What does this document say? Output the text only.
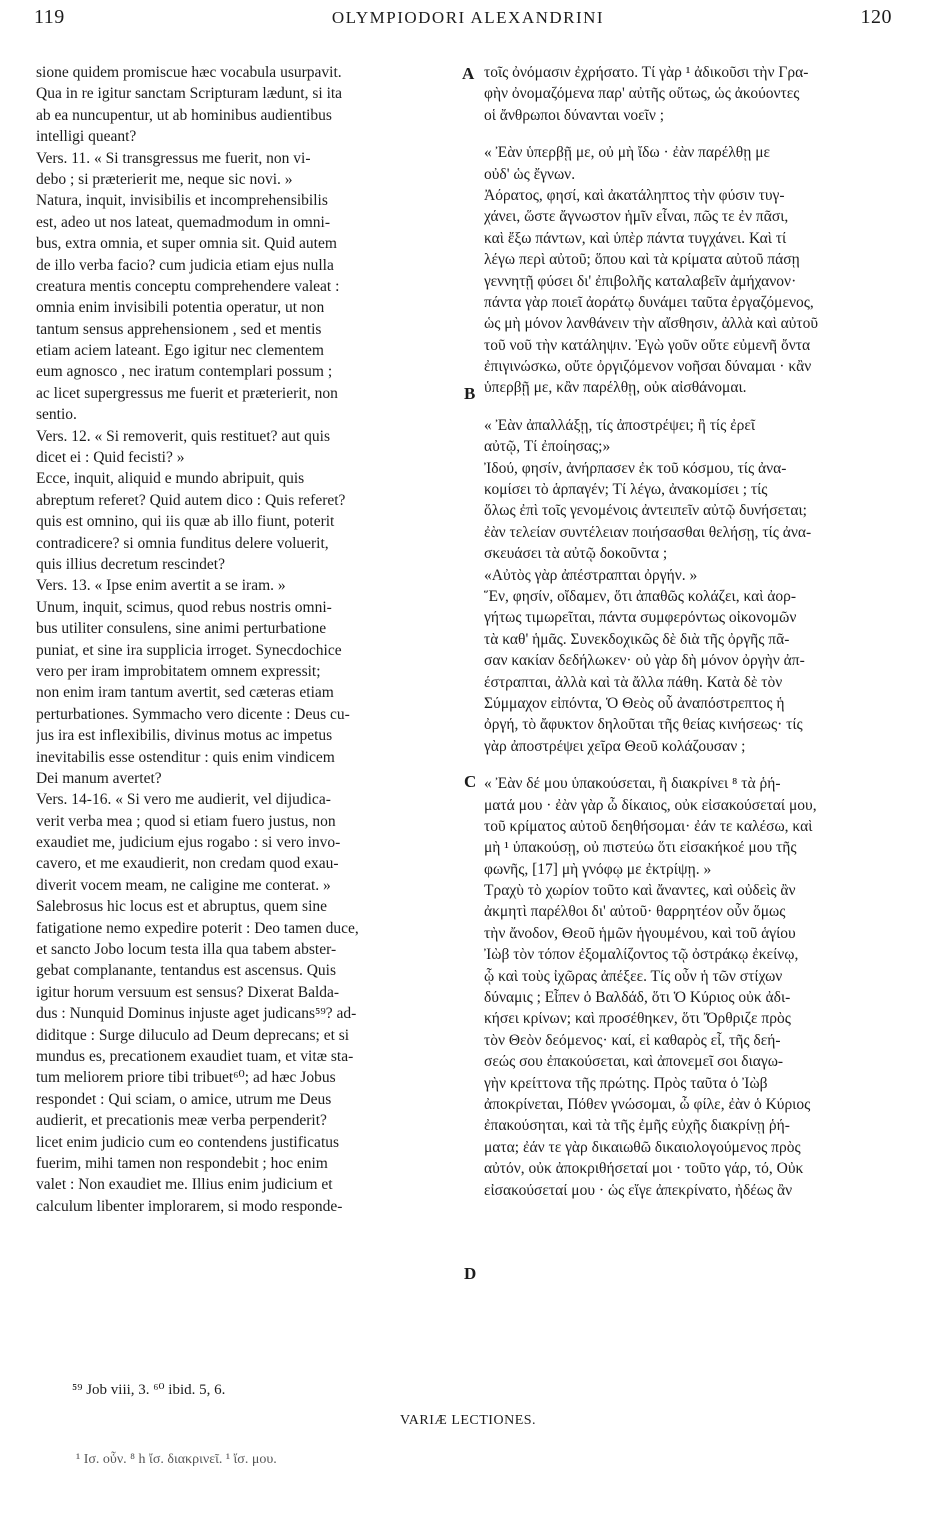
119	OLYMPIODORI ALEXANDRINI	120
sione quidem promiscue hæc vocabula usurpavit.
Qua in re igitur sanctam Scripturam lædunt, si ita
ab ea nuncupentur, ut ab hominibus audientibus
intelligi queant?
Vers. 11. « Si transgressus me fuerit, non vi-
debo ; si præterierit me, neque sic novi. »
Natura, inquit, invisibilis et incomprehensibilis
est, adeo ut nos lateat, quemadmodum in omni-
bus, extra omnia, et super omnia sit. Quid autem
de illo verba facio? cum judicia etiam ejus nulla
creatura mentis conceptu comprehendere valeat :
omnia enim invisibili potentia operatur, ut non
tantum sensus apprehensionem , sed et mentis
etiam aciem lateant. Ego igitur nec clementem
eum agnosco , nec iratum contemplari possum ;
ac licet supergressus me fuerit et præterierit, non
sentio.
Vers. 12. « Si removerit, quis restituet? aut quis
dicet ei : Quid fecisti? »
Ecce, inquit, aliquid e mundo abripuit, quis
abreptum referet? Quid autem dico : Quis referet?
quis est omnino, qui iis quæ ab illo fiunt, poterit
contradicere? si omnia funditus delere voluerit,
quis illius decretum rescindet?
Vers. 13. « Ipse enim avertit a se iram. »
Unum, inquit, scimus, quod rebus nostris omni-
bus utiliter consulens, sine animi perturbatione
puniat, et sine ira supplicia irroget. Synecdochice
vero per iram improbitatem omnem expressit;
non enim iram tantum avertit, sed cæteras etiam
perturbationes. Symmacho vero dicente : Deus cu-
jus ira est inflexibilis, divinus motus ac impetus
inevitabilis esse ostenditur : quis enim vindicem
Dei manum avertet?
Vers. 14-16. « Si vero me audierit, vel dijudica-
verit verba mea ; quod si etiam fuero justus, non
exaudiet me, judicium ejus rogabo : si vero invo-
cavero, et me exaudierit, non credam quod exau-
diverit vocem meam, ne caligine me conterat. »
Salebrosus hic locus est et abruptus, quem sine
fatigatione nemo expedire poterit : Deo tamen duce,
et sancto Jobo locum testa illa qua tabem abster-
gebat complanante, tentandus est ascensus. Quis
igitur horum versuum est sensus? Dixerat Balda-
dus : Nunquid Dominus injuste aget judicans⁵⁹? ad-
diditque : Surge diluculo ad Deum deprecans; et si
mundus es, precationem exaudiet tuam, et vitæ sta-
tum meliorem priore tibi tribuet⁶⁰; ad hæc Jobus
respondet : Qui sciam, o amice, utrum me Deus
audierit, et precationis meæ verba perpenderit?
licet enim judicio cum eo contendens justificatus
fuerim, mihi tamen non respondebit ; hoc enim
valet : Non exaudiet me. Illius enim judicium et
calculum libenter implorarem, si modo responde-
τοῖς ὀνόμασιν ἐχρήσατο. Τί γὰρ ¹ ἀδικοῦσι τὴν Γρα-
φὴν ὀνομαζόμενα παρ' αὐτῆς οὕτως, ὡς ἀκούοντες
οἱ ἄνθρωποι δύνανται νοεῖν ;
« Ἐὰν ὑπερβῇ με, οὐ μὴ ἴδω · ἐὰν παρέλθῃ με
οὐδ' ὡς ἔγνων.
Ἀόρατος, φησί, καὶ ἀκατάληπτος τὴν φύσιν τυγ-
χάνει, ὥστε ἄγνωστον ἡμῖν εἶναι, πῶς τε ἐν πᾶσι,
καὶ ἔξω πάντων, καὶ ὑπὲρ πάντα τυγχάνει. Καὶ τί
λέγω περὶ αὐτοῦ; ὅπου καὶ τὰ κρίματα αὐτοῦ πάσῃ
γεννητῇ φύσει δι' ἐπιβολῆς καταλαβεῖν ἀμήχανον·
πάντα γὰρ ποιεῖ ἀοράτῳ δυνάμει ταῦτα ἐργαζόμενος,
ὡς μὴ μόνον λανθάνειν τὴν αἴσθησιν, ἀλλὰ καὶ αὐτοῦ
τοῦ νοῦ τὴν κατάληψιν. Ἐγὼ γοῦν οὔτε εὐμενῆ ὄντα
ἐπιγινώσκω, οὔτε ὀργιζόμενον νοῆσαι δύναμαι · κἂν
ὑπερβῇ με, κἂν παρέλθῃ, οὐκ αἰσθάνομαι.
« Ἐὰν ἀπαλλάξῃ, τίς ἀποστρέψει; ἢ τίς ἐρεῖ
αὐτῷ, Τί ἐποίησας;»
Ἰδού, φησίν, ἀνήρπασεν ἐκ τοῦ κόσμου, τίς ἀνα-
κομίσει τὸ ἁρπαγέν; Τί λέγω, ἀνακομίσει ; τίς
ὅλως ἐπὶ τοῖς γενομένοις ἀντειπεῖν αὐτῷ δυνήσεται;
ἐὰν τελείαν συντέλειαν ποιήσασθαι θελήσῃ, τίς ἀνα-
σκευάσει τὰ αὐτῷ δοκοῦντα ;
«Αὐτὸς γὰρ ἀπέστραπται ὀργήν. »
Ἕν, φησίν, οἴδαμεν, ὅτι ἀπαθῶς κολάζει, καὶ ἀορ-
γήτως τιμωρεῖται, πάντα συμφερόντως οἰκονομῶν
τὰ καθ' ἡμᾶς. Συνεκδοχικῶς δὲ διὰ τῆς ὀργῆς πᾶ-
σαν κακίαν δεδήλωκεν· οὐ γὰρ δὴ μόνον ὀργὴν ἀπ-
έστραπται, ἀλλὰ καὶ τὰ ἄλλα πάθη. Κατὰ δὲ τὸν
Σύμμαχον εἰπόντα, Ὁ Θεὸς οὗ ἀναπόστρεπτος ἡ
ὀργή, τὸ ἄφυκτον δηλοῦται τῆς θείας κινήσεως· τίς
γὰρ ἀποστρέψει χεῖρα Θεοῦ κολάζουσαν ;
« Ἐὰν δέ μου ὑπακούσεται, ἢ διακρίνει ⁸ τὰ ῥή-
ματά μου · ἐὰν γὰρ ὦ δίκαιος, οὐκ εἰσακούσεταί μου,
τοῦ κρίματος αὐτοῦ δεηθήσομαι· ἐάν τε καλέσω, καὶ
μὴ ¹ ὑπακούσῃ, οὐ πιστεύω ὅτι εἰσακήκοέ μου τῆς
φωνῆς, [17] μὴ γνόφῳ με ἐκτρίψῃ. »
Τραχὺ τὸ χωρίον τοῦτο καὶ ἄναντες, καὶ οὐδεὶς ἂν
ἀκμητὶ παρέλθοι δι' αὐτοῦ· θαρρητέον οὖν ὅμως
τὴν ἄνοδον, Θεοῦ ἡμῶν ἡγουμένου, καὶ τοῦ ἁγίου
Ἰὼβ τὸν τόπον ἐξομαλίζοντος τῷ ὀστράκῳ ἐκείνῳ,
ᾧ καὶ τοὺς ἰχῶρας ἀπέξεε. Τίς οὖν ἡ τῶν στίχων
δύναμις ; Εἶπεν ὁ Βαλδάδ, ὅτι Ὁ Κύριος οὐκ ἀδι-
κήσει κρίνων; καὶ προσέθηκεν, ὅτι Ὄρθριζε πρὸς
τὸν Θεὸν δεόμενος· καί, εἰ καθαρὸς εἶ, τῆς δεή-
σεώς σου ἐπακούσεται, καὶ ἀπονεμεῖ σοι διαγω-
γὴν κρείττονα τῆς πρώτης. Πρὸς ταῦτα ὁ Ἰὼβ
ἀποκρίνεται, Πόθεν γνώσομαι, ὦ φίλε, ἐὰν ὁ Κύριος
ἐπακούσηται, καὶ τὰ τῆς ἐμῆς εὐχῆς διακρίνῃ ῥή-
ματα; ἐάν τε γὰρ δικαιωθῶ δικαιολογούμενος πρὸς
αὐτόν, οὐκ ἀποκριθήσεταί μοι · τοῦτο γάρ, τό, Οὐκ
εἰσακούσεταί μου · ὡς εἴγε ἀπεκρίνατο, ἠδέως ἂν
A
B
C
D
⁵⁹ Job viii, 3. ⁶⁰ ibid. 5, 6.
VARIÆ LECTIONES.
¹ Ισ. οὖν. ⁸ h ἴσ. διακρινεῖ. ¹ ἴσ. μου.
